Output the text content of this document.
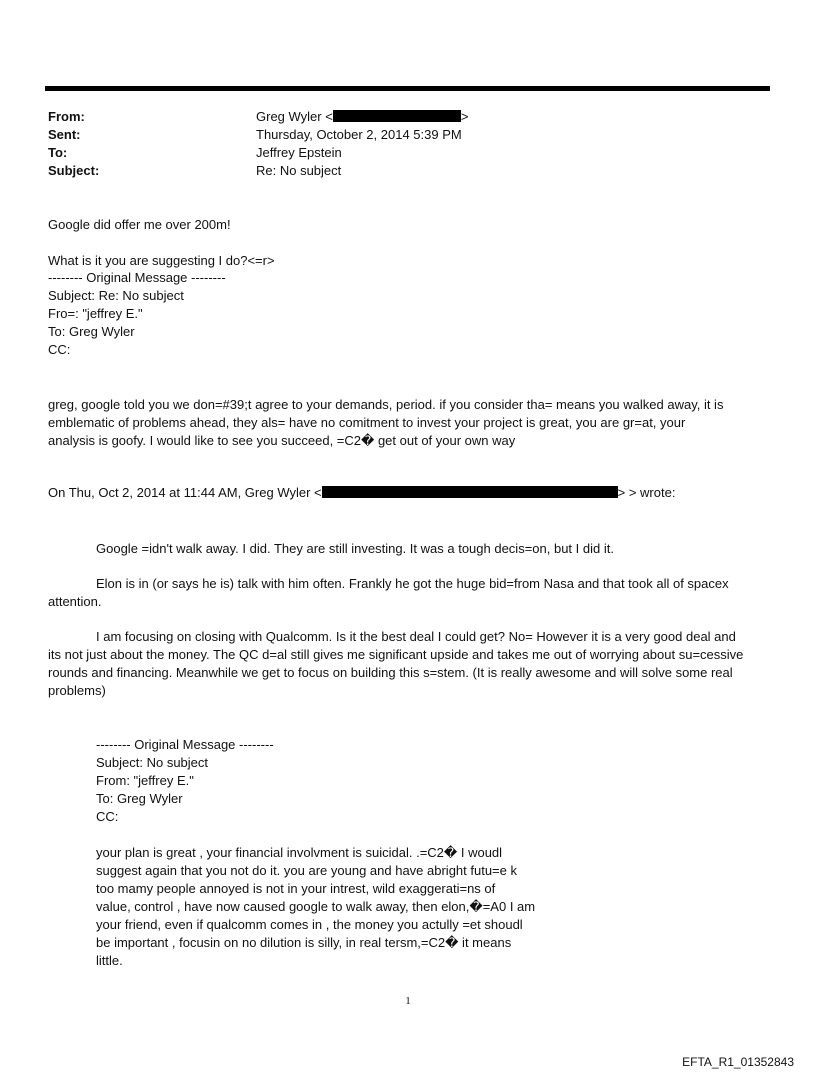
From:	Greg Wyler <	>
Sent:	Thursday, October 2, 2014 5:39 PM
To:	Jeffrey Epstein
Subject:	Re: No subject
Google did offer me over 200m!
What is it you are suggesting I do?<=r>
-------- Original Message --------
Subject: Re: No subject
Fro=: "jeffrey E."
To: Greg Wyler
CC:
greg, google told you we don=#39;t agree to your demands, period. if you consider tha= means you walked away, it is
emblematic of problems ahead, they als= have no comitment to invest your project is great, you are gr=at, your
analysis is goofy. I would like to see you succeed, =C2� get out of your own way
On Thu, Oct 2, 2014 at 11:44 AM, Greg Wyler <	> > wrote:
Google =idn't walk away. I did. They are still investing. It was a tough decis=on, but I did it.
Elon is in (or says he is) talk with him often. Frankly he got the huge bid=from Nasa and that took all of spacex
attention.
I am focusing on closing with Qualcomm. Is it the best deal I could get? No= However it is a very good deal and
its not just about the money. The QC d=al still gives me significant upside and takes me out of worrying about su=cessive
rounds and financing. Meanwhile we get to focus on building this s=stem. (It is really awesome and will solve some real
problems)
-------- Original Message --------
Subject: No subject
From: "jeffrey E."
To: Greg Wyler
CC:
your plan is great , your financial involvment is suicidal. .=C2� I woudl
suggest again that you not do it. you are young and have abright futu=e k
too mamy people annoyed is not in your intrest, wild exaggerati=ns of
value, control , have now caused google to walk away, then elon,�=A0 I am
your friend, even if qualcomm comes in , the money you actully =et shoudl
be important , focusin on no dilution is silly, in real tersm,=C2� it means
little.
1
EFTA_R1_01352843
